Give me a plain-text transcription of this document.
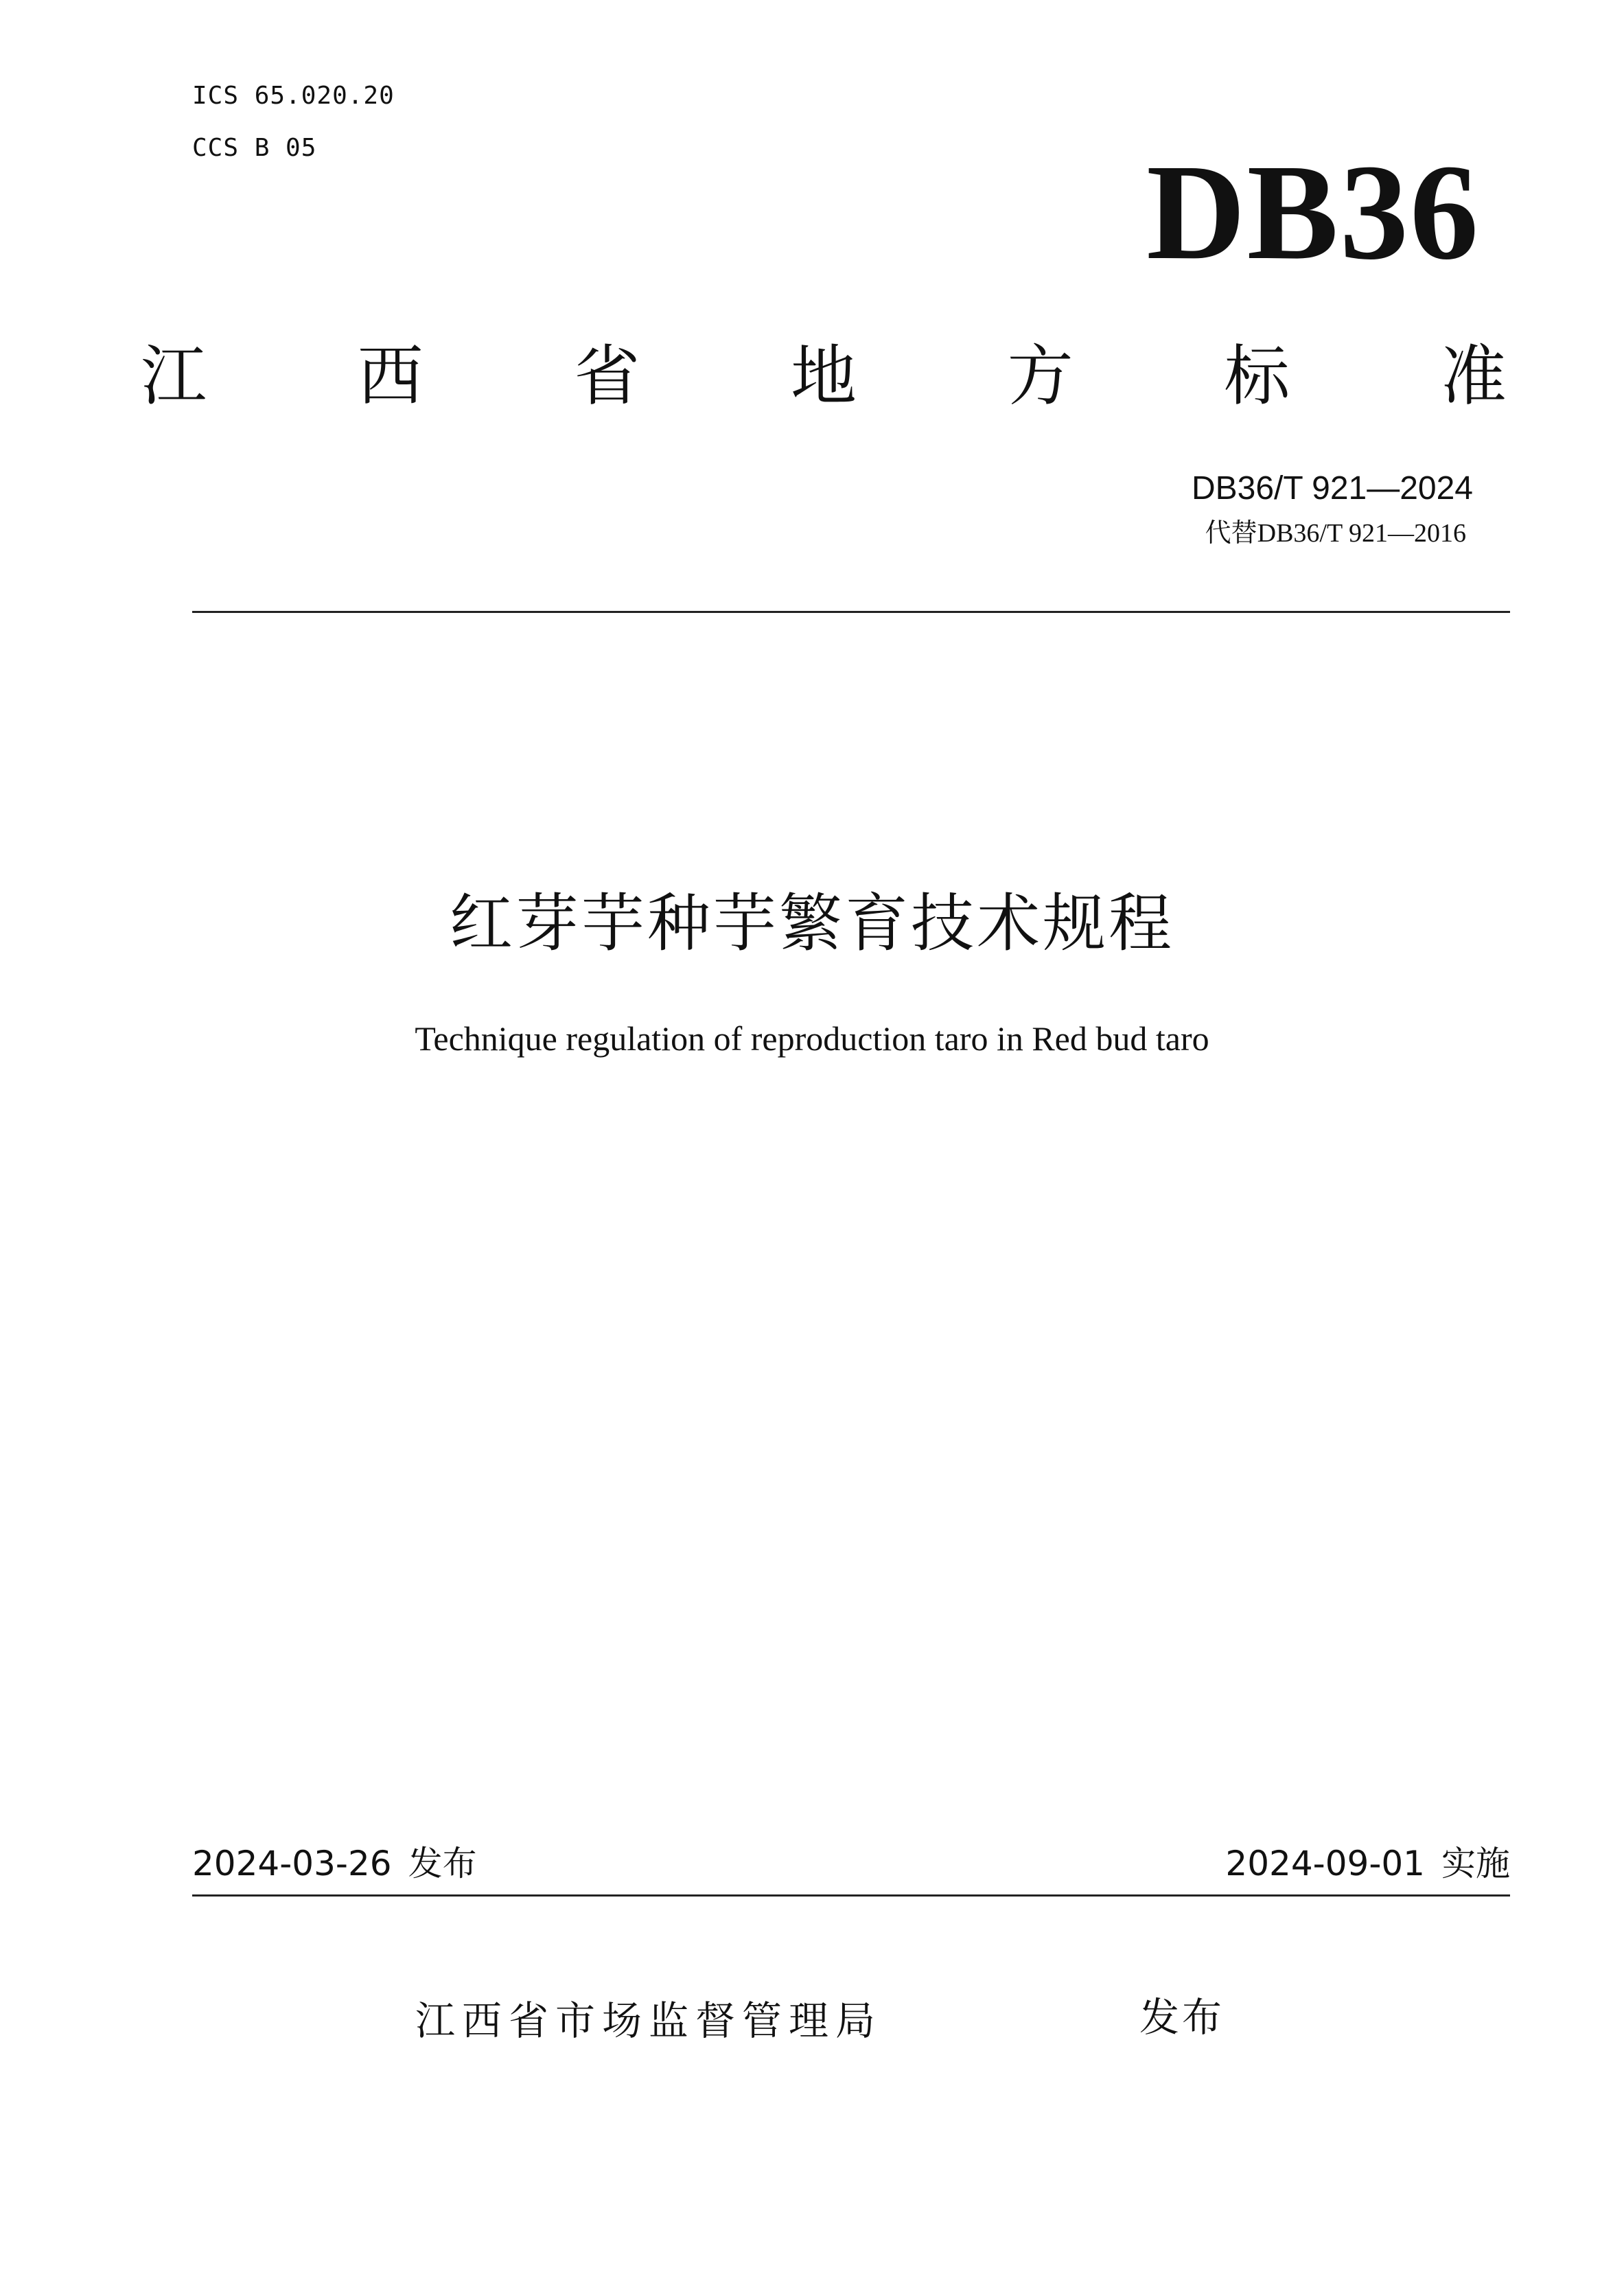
ICS 65.020.20
CCS B 05	DB36
江 西 省 地 方 标 准
DB36/T 921—2024
代替DB36/T 921—2016
红芽芋种芋繁育技术规程
Technique regulation of reproduction taro in Red bud taro
2024-03-26 发布	2024-09-01 实施
江西省市场监督管理局	发布
